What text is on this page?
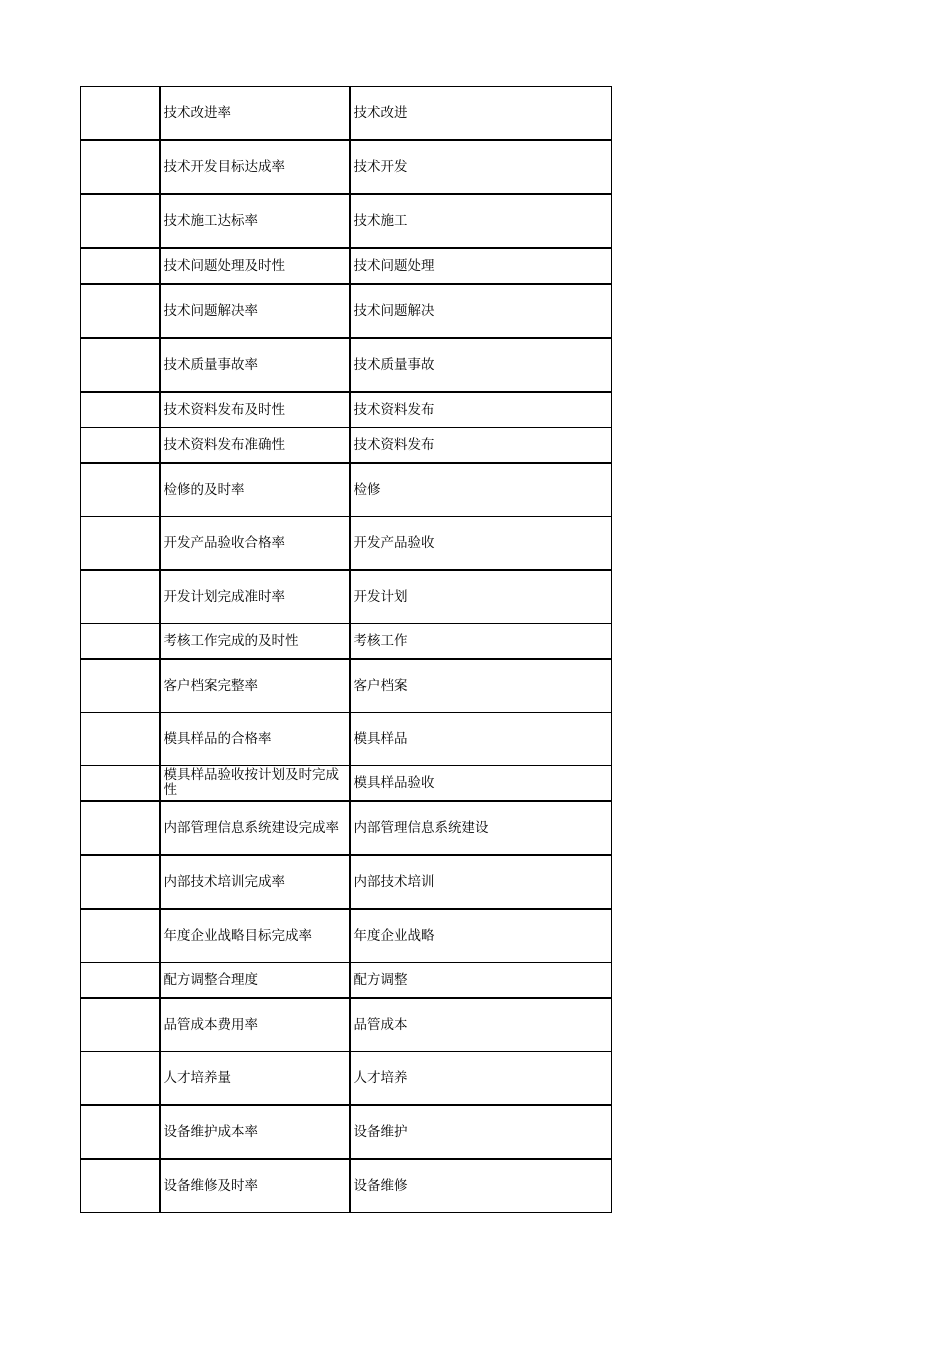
	技术改进率	技术改进
	技术开发目标达成率	技术开发
	技术施工达标率	技术施工
	技术问题处理及时性	技术问题处理
	技术问题解决率	技术问题解决
	技术质量事故率	技术质量事故
	技术资料发布及时性	技术资料发布
	技术资料发布准确性	技术资料发布
	检修的及时率	检修
	开发产品验收合格率	开发产品验收
	开发计划完成准时率	开发计划
	考核工作完成的及时性	考核工作
	客户档案完整率	客户档案
	模具样品的合格率	模具样品
	模具样品验收按计划及时完成性	模具样品验收
	内部管理信息系统建设完成率	内部管理信息系统建设
	内部技术培训完成率	内部技术培训
	年度企业战略目标完成率	年度企业战略
	配方调整合理度	配方调整
	品管成本费用率	品管成本
	人才培养量	人才培养
	设备维护成本率	设备维护
	设备维修及时率	设备维修
